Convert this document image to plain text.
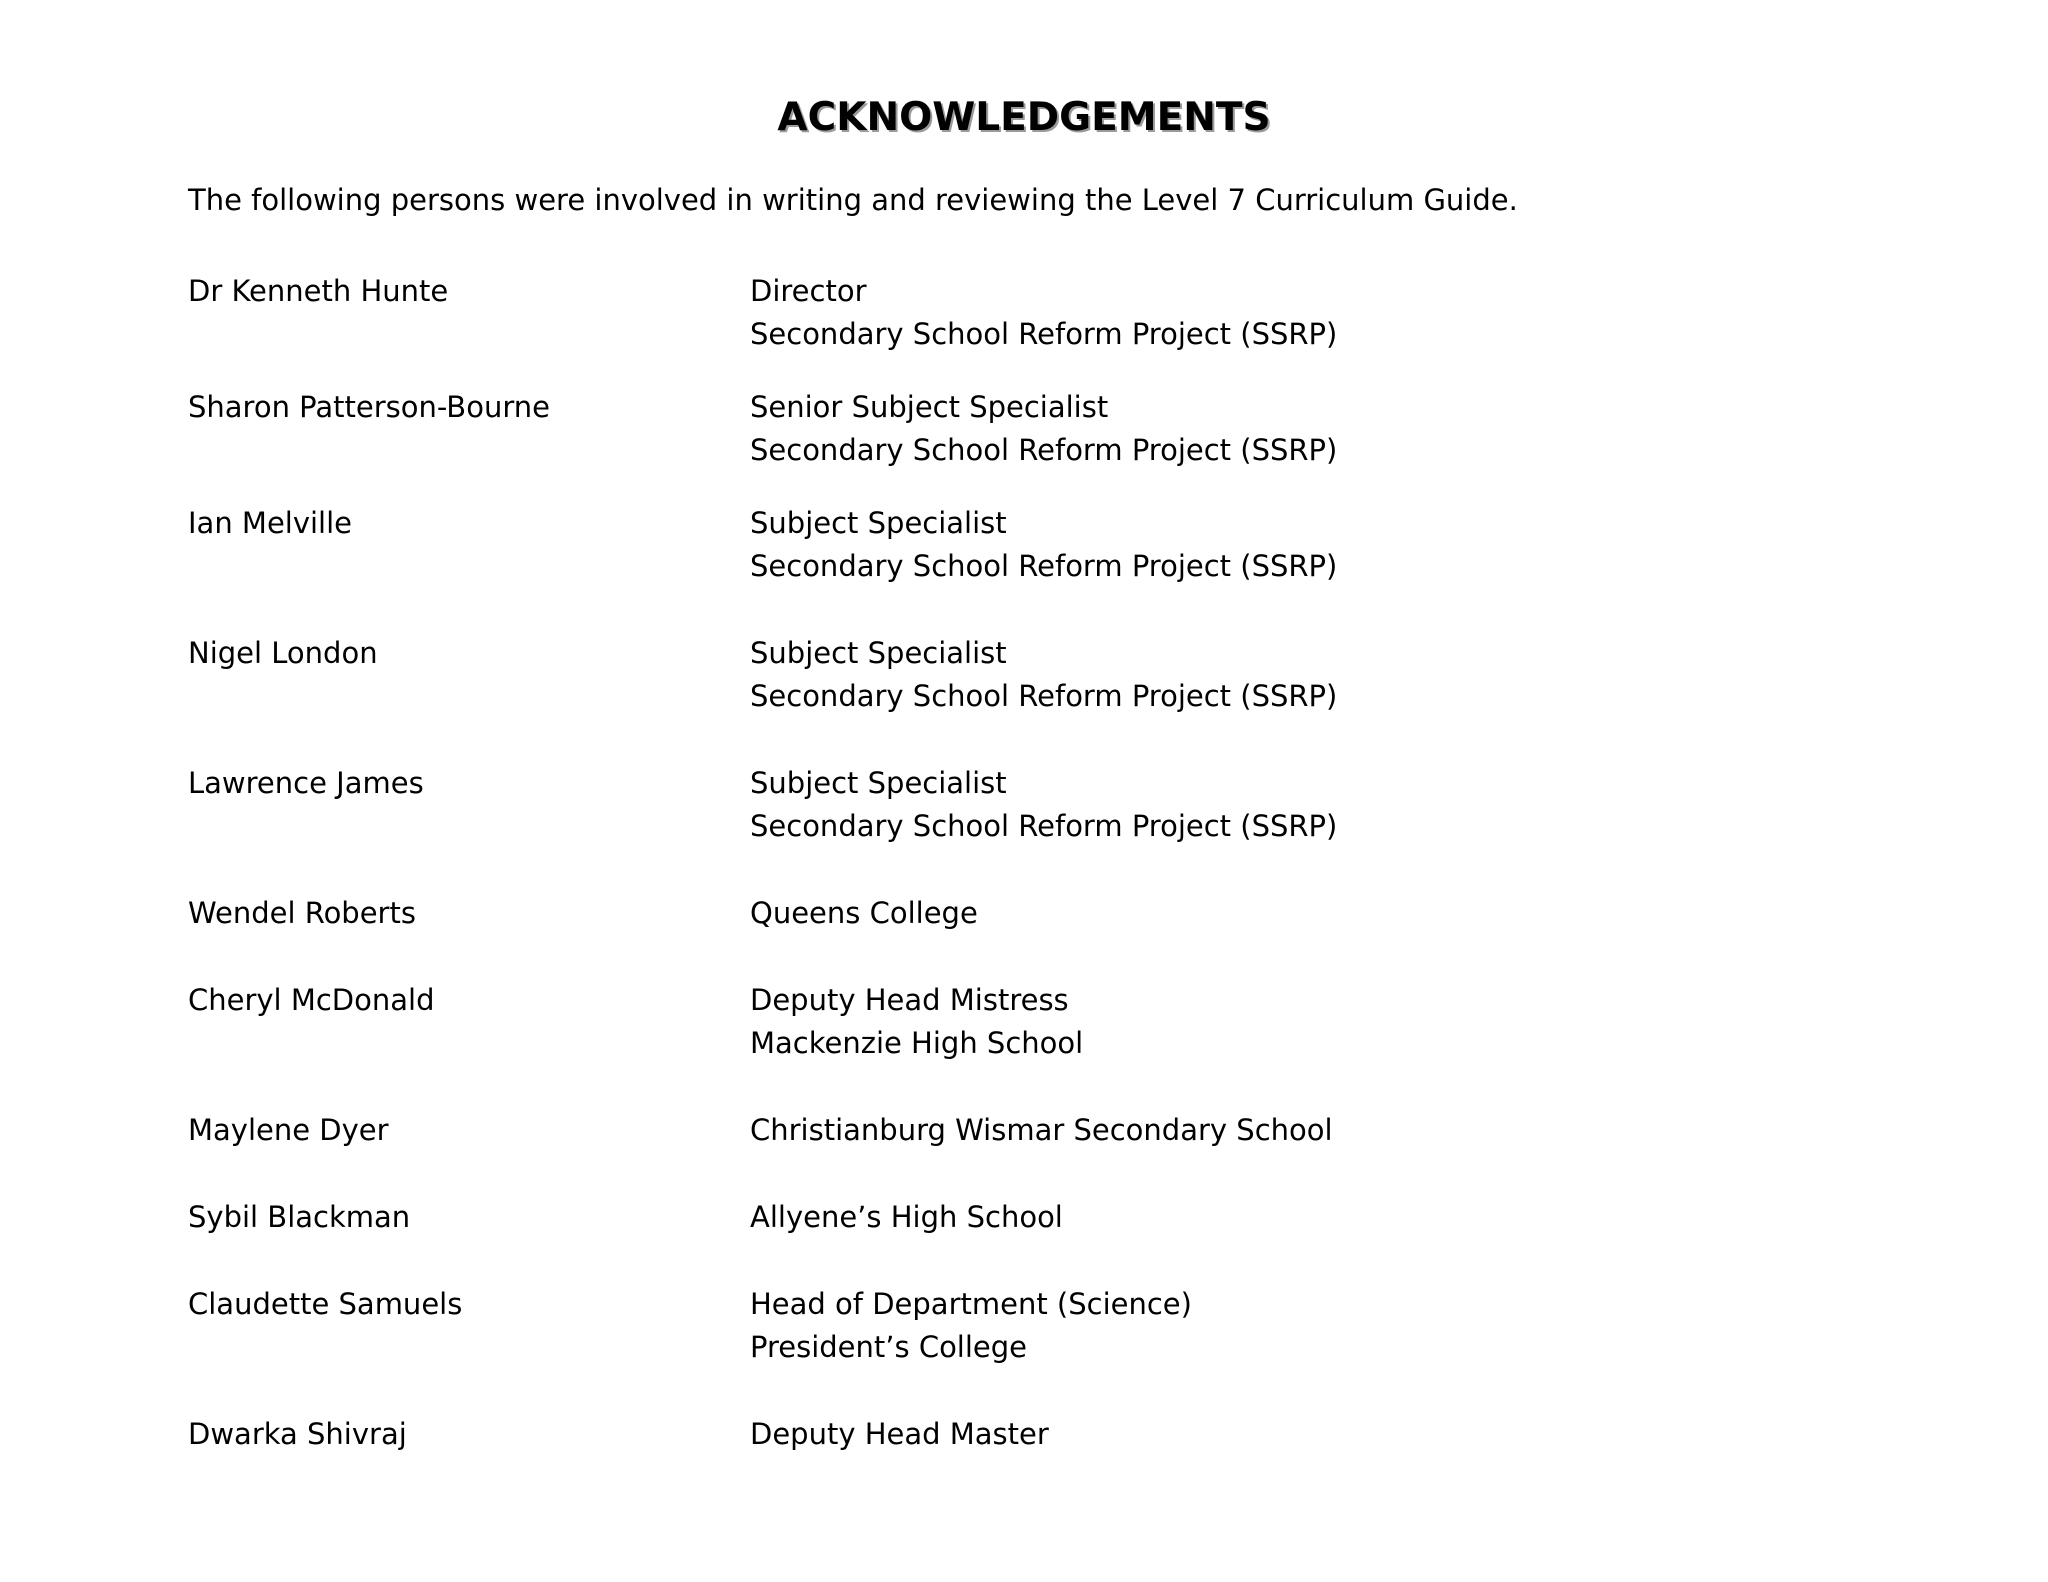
ACKNOWLEDGEMENTS
The following persons were involved in writing and reviewing the Level 7 Curriculum Guide.
Dr Kenneth Hunte	Director
Secondary School Reform Project (SSRP)
Sharon Patterson-Bourne	Senior Subject Specialist
Secondary School Reform Project (SSRP)
Ian Melville	Subject Specialist
Secondary School Reform Project (SSRP)
Nigel London	Subject Specialist
Secondary School Reform Project (SSRP)
Lawrence James	Subject Specialist
Secondary School Reform Project (SSRP)
Wendel Roberts	Queens College
Cheryl McDonald	Deputy Head Mistress
Mackenzie High School
Maylene Dyer	Christianburg Wismar Secondary School
Sybil Blackman	Allyene’s High School
Claudette Samuels	Head of Department (Science)
President’s College
Dwarka Shivraj	Deputy Head Master
